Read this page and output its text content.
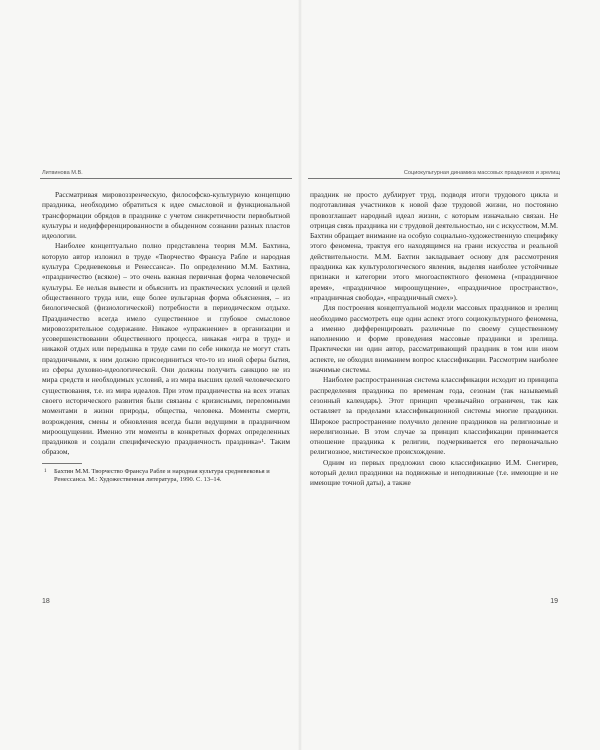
Литвинова М.В.	Социокультурная динамика массовых праздников и зрелищ

Рассматривая мировоззренческую, философско-культурную концепцию праздника, необходимо обратиться к идее смысловой и функциональной трансформации обрядов в празднике с учетом синкретичности первобытной культуры и недифференцированности в обыденном сознании разных пластов идеологии.

Наиболее концептуально полно представлена теория М.М. Бахтина, которую автор изложил в труде «Творчество Франсуа Рабле и народная культура Средневековья и Ренессанса». По определению М.М. Бахтина, «праздничество (всякое) – это очень важная первичная форма человеческой культуры. Ее нельзя вывести и объяснить из практических условий и целей общественного труда или, еще более вульгарная форма объяснения, – из биологической (физиологической) потребности в периодическом отдыхе. Праздничество всегда имело существенное и глубокое смысловое мировоззрительное содержание. Никакое «упражнение» в организации и усовершенствовании общественного процесса, никакая «игра в труд» и никакой отдых или передышка в труде сами по себе никогда не могут стать праздничными, к ним должно присоединиться что-то из иной сферы бытия, из сферы духовно-идеологической. Они должны получить санкцию не из мира средств и необходимых условий, а из мира высших целей человеческого существования, т.е. из мира идеалов. При этом праздничества на всех этапах своего исторического развития были связаны с кризисными, переломными моментами в жизни природы, общества, человека. Моменты смерти, возрождения, смены и обновления всегда были ведущими в праздничном мироощущении. Именно эти моменты в конкретных формах определенных праздников и создали специфическую праздничность праздника»¹. Таким образом,

1 Бахтин М.М. Творчество Франсуа Рабле и народная культура средневековья и Ренессанса. М.: Художественная литература, 1990. С. 13–14.

праздник не просто дублирует труд, подводя итоги трудового цикла и подготавливая участников к новой фазе трудовой жизни, но постоянно провозглашает народный идеал жизни, с которым изначально связан. Не отрицая связь праздника ни с трудовой деятельностью, ни с искусством, М.М. Бахтин обращает внимание на особую социально-художественную специфику этого феномена, трактуя его находящимся на грани искусства и реальной действительности. М.М. Бахтин закладывает основу для рассмотрения праздника как культурологического явления, выделяя наиболее устойчивые признаки и категории этого многоаспектного феномена («праздничное время», «праздничное мироощущение», «праздничное пространство», «праздничная свобода», «праздничный смех»).

Для построения концептуальной модели массовых праздников и зрелищ необходимо рассмотреть еще один аспект этого социокультурного феномена, а именно дифференцировать различные по своему существенному наполнению и форме проведения массовые праздники и зрелища. Практически ни один автор, рассматривающий праздник в том или ином аспекте, не обходил вниманием вопрос классификации. Рассмотрим наиболее значимые системы.

Наиболее распространенная система классификации исходит из принципа распределения праздника по временам года, сезонам (так называемый сезонный календарь). Этот принцип чрезвычайно ограничен, так как оставляет за пределами классификационной системы многие праздники. Широкое распространение получило деление праздников на религиозные и нерелигиозные. В этом случае за принцип классификации принимается отношение праздника к религии, подчеркивается его первоначально религиозное, мистическое происхождение.

Одним из первых предложил свою классификацию И.М. Снегирев, который делил праздники на подвижные и неподвижные (т.е. имеющие и не имеющие точной даты), а также

18	19
